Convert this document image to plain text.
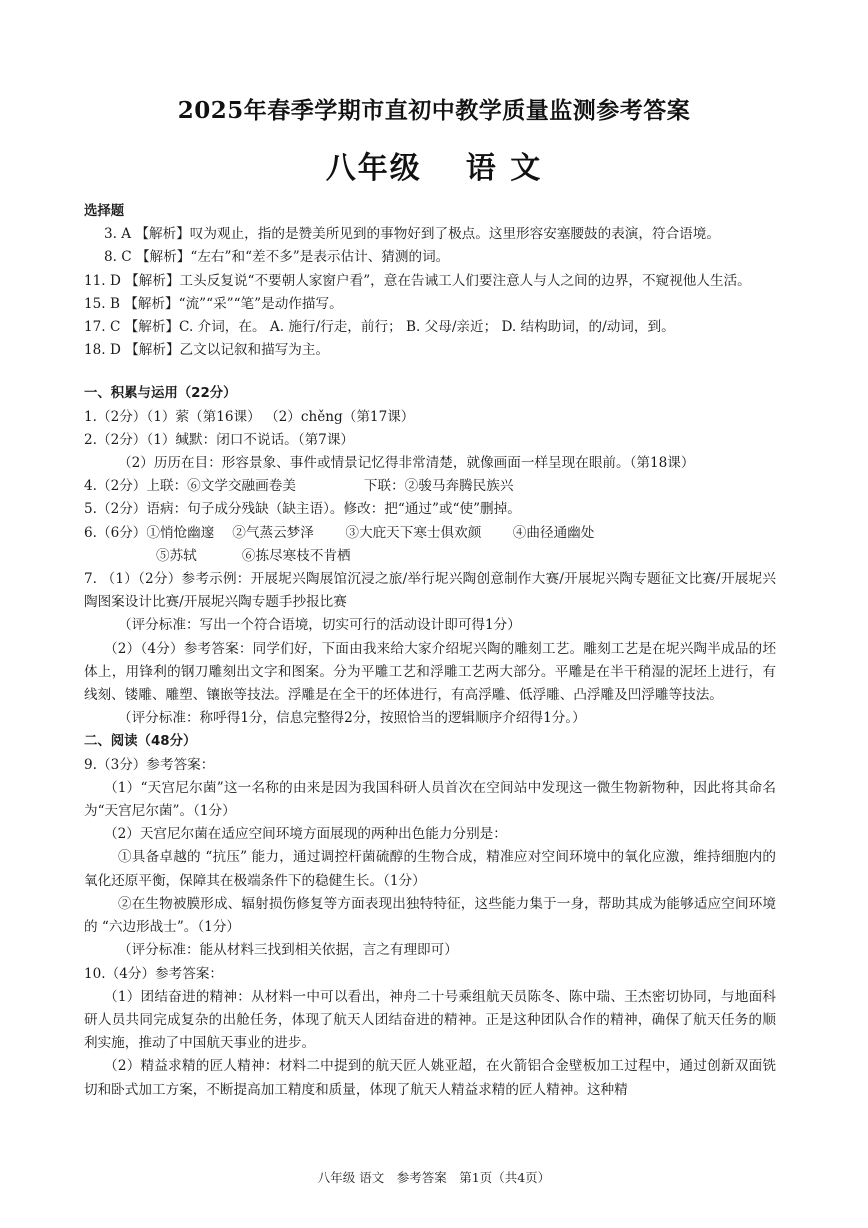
2025年春季学期市直初中教学质量监测参考答案
八年级 语 文
选择题
3. A 【解析】叹为观止，指的是赞美所见到的事物好到了极点。这里形容安塞腰鼓的表演，符合语境。
8. C 【解析】“左右”和“差不多”是表示估计、猜测的词。
11. D 【解析】工头反复说“不要朝人家窗户看”，意在告诫工人们要注意人与人之间的边界，不窥视他人生活。
15. B 【解析】“流”“采”“笔”是动作描写。
17. C 【解析】C. 介词，在。 A. 施行/行走，前行； B. 父母/亲近； D. 结构助词，的/动词，到。
18. D 【解析】乙文以记叙和描写为主。
一、积累与运用（22分）
1.（2分）（1）萦（第16课） （2）chěng（第17课）
2.（2分）（1）缄默：闭口不说话。（第7课）
（2）历历在目：形容景象、事件或情景记忆得非常清楚，就像画面一样呈现在眼前。（第18课）
4.（2分）上联：⑥文学交融画卷美　　　　　下联：②骏马奔腾民族兴
5.（2分）语病：句子成分残缺（缺主语）。修改：把“通过”或“使”删掉。
6.（6分）①悄怆幽邃　 ②气蒸云梦泽　　 ③大庇天下寒士俱欢颜　　 ④曲径通幽处
⑤苏轼　　　 ⑥拣尽寒枝不肯栖
7. （1）（2分）参考示例：开展坭兴陶展馆沉浸之旅/举行坭兴陶创意制作大赛/开展坭兴陶专题征文比赛/开展坭兴陶图案设计比赛/开展坭兴陶专题手抄报比赛
（评分标准：写出一个符合语境，切实可行的活动设计即可得1分）
（2）（4分）参考答案：同学们好，下面由我来给大家介绍坭兴陶的雕刻工艺。雕刻工艺是在坭兴陶半成品的坯体上，用锋利的钢刀雕刻出文字和图案。分为平雕工艺和浮雕工艺两大部分。平雕是在半干稍湿的泥坯上进行，有线刻、镂雕、雕塑、镶嵌等技法。浮雕是在全干的坯体进行，有高浮雕、低浮雕、凸浮雕及凹浮雕等技法。
（评分标准：称呼得1分，信息完整得2分，按照恰当的逻辑顺序介绍得1分。）
二、阅读（48分）
9.（3分）参考答案：
（1）“天宫尼尔菌”这一名称的由来是因为我国科研人员首次在空间站中发现这一微生物新物种，因此将其命名为“天宫尼尔菌”。（1分）
（2）天宫尼尔菌在适应空间环境方面展现的两种出色能力分别是：
①具备卓越的 “抗压” 能力，通过调控杆菌硫醇的生物合成，精准应对空间环境中的氧化应激，维持细胞内的氧化还原平衡，保障其在极端条件下的稳健生长。（1分）
②在生物被膜形成、辐射损伤修复等方面表现出独特特征，这些能力集于一身，帮助其成为能够适应空间环境的 “六边形战士”。（1分）
（评分标准：能从材料三找到相关依据，言之有理即可）
10.（4分）参考答案：
（1）团结奋进的精神：从材料一中可以看出，神舟二十号乘组航天员陈冬、陈中瑞、王杰密切协同，与地面科研人员共同完成复杂的出舱任务，体现了航天人团结奋进的精神。正是这种团队合作的精神，确保了航天任务的顺利实施，推动了中国航天事业的进步。
（2）精益求精的匠人精神：材料二中提到的航天匠人姚亚超，在火箭铝合金壁板加工过程中，通过创新双面铣切和卧式加工方案，不断提高加工精度和质量，体现了航天人精益求精的匠人精神。这种精
八年级 语文　参考答案　第1页（共4页）
